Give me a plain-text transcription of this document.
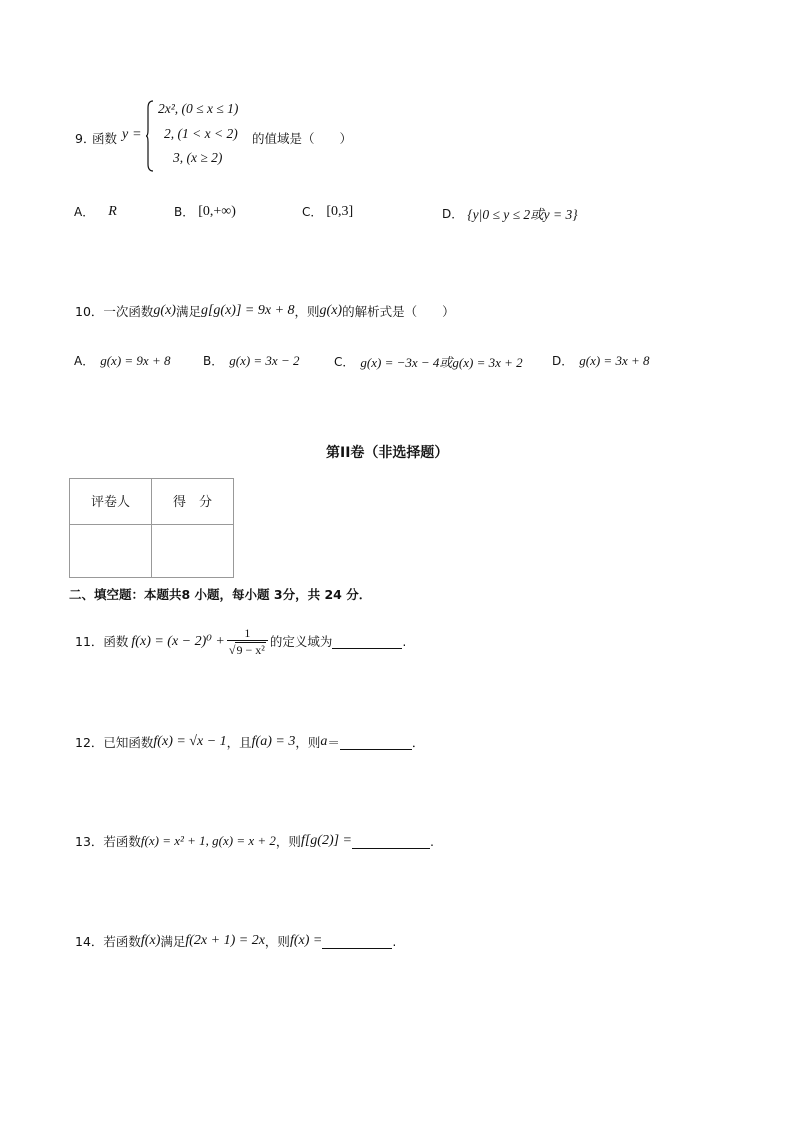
9．
函数 y =
2x², (0 ≤ x ≤ 1)
2, (1 < x < 2)
3, (x ≥ 2)
的值域是（　　）
A． R	B． [0,+∞)	C． [0,3]	D． {y|0 ≤ y ≤ 2或y = 3}
10． 一次函数 g(x) 满足 g[g(x)] = 9x + 8 ，则 g(x) 的解析式是（　　）
A． g(x) = 9x + 8	B． g(x) = 3x − 2	C． g(x) = −3x − 4或g(x) = 3x + 2 D． g(x) = 3x + 8
第II卷（非选择题）
评卷人	得　分

二、填空题：本题共8 小题，每小题 3分，共 24 分．
11． 函数 $f(x) = (x - 2)^0 + \frac{1}{\text{√9 − x²}}$ 的定义域为	.
12． 已知函数 f(x) = √x − 1 ，且 f(a) = 3 ，则 a ＝	．
13． 若函数 f(x) = x² + 1, g(x) = x + 2 ，则 f[g(2)] =	.
14． 若函数 f(x) 满足 f(2x + 1) = 2x ，则 f(x) =	.
